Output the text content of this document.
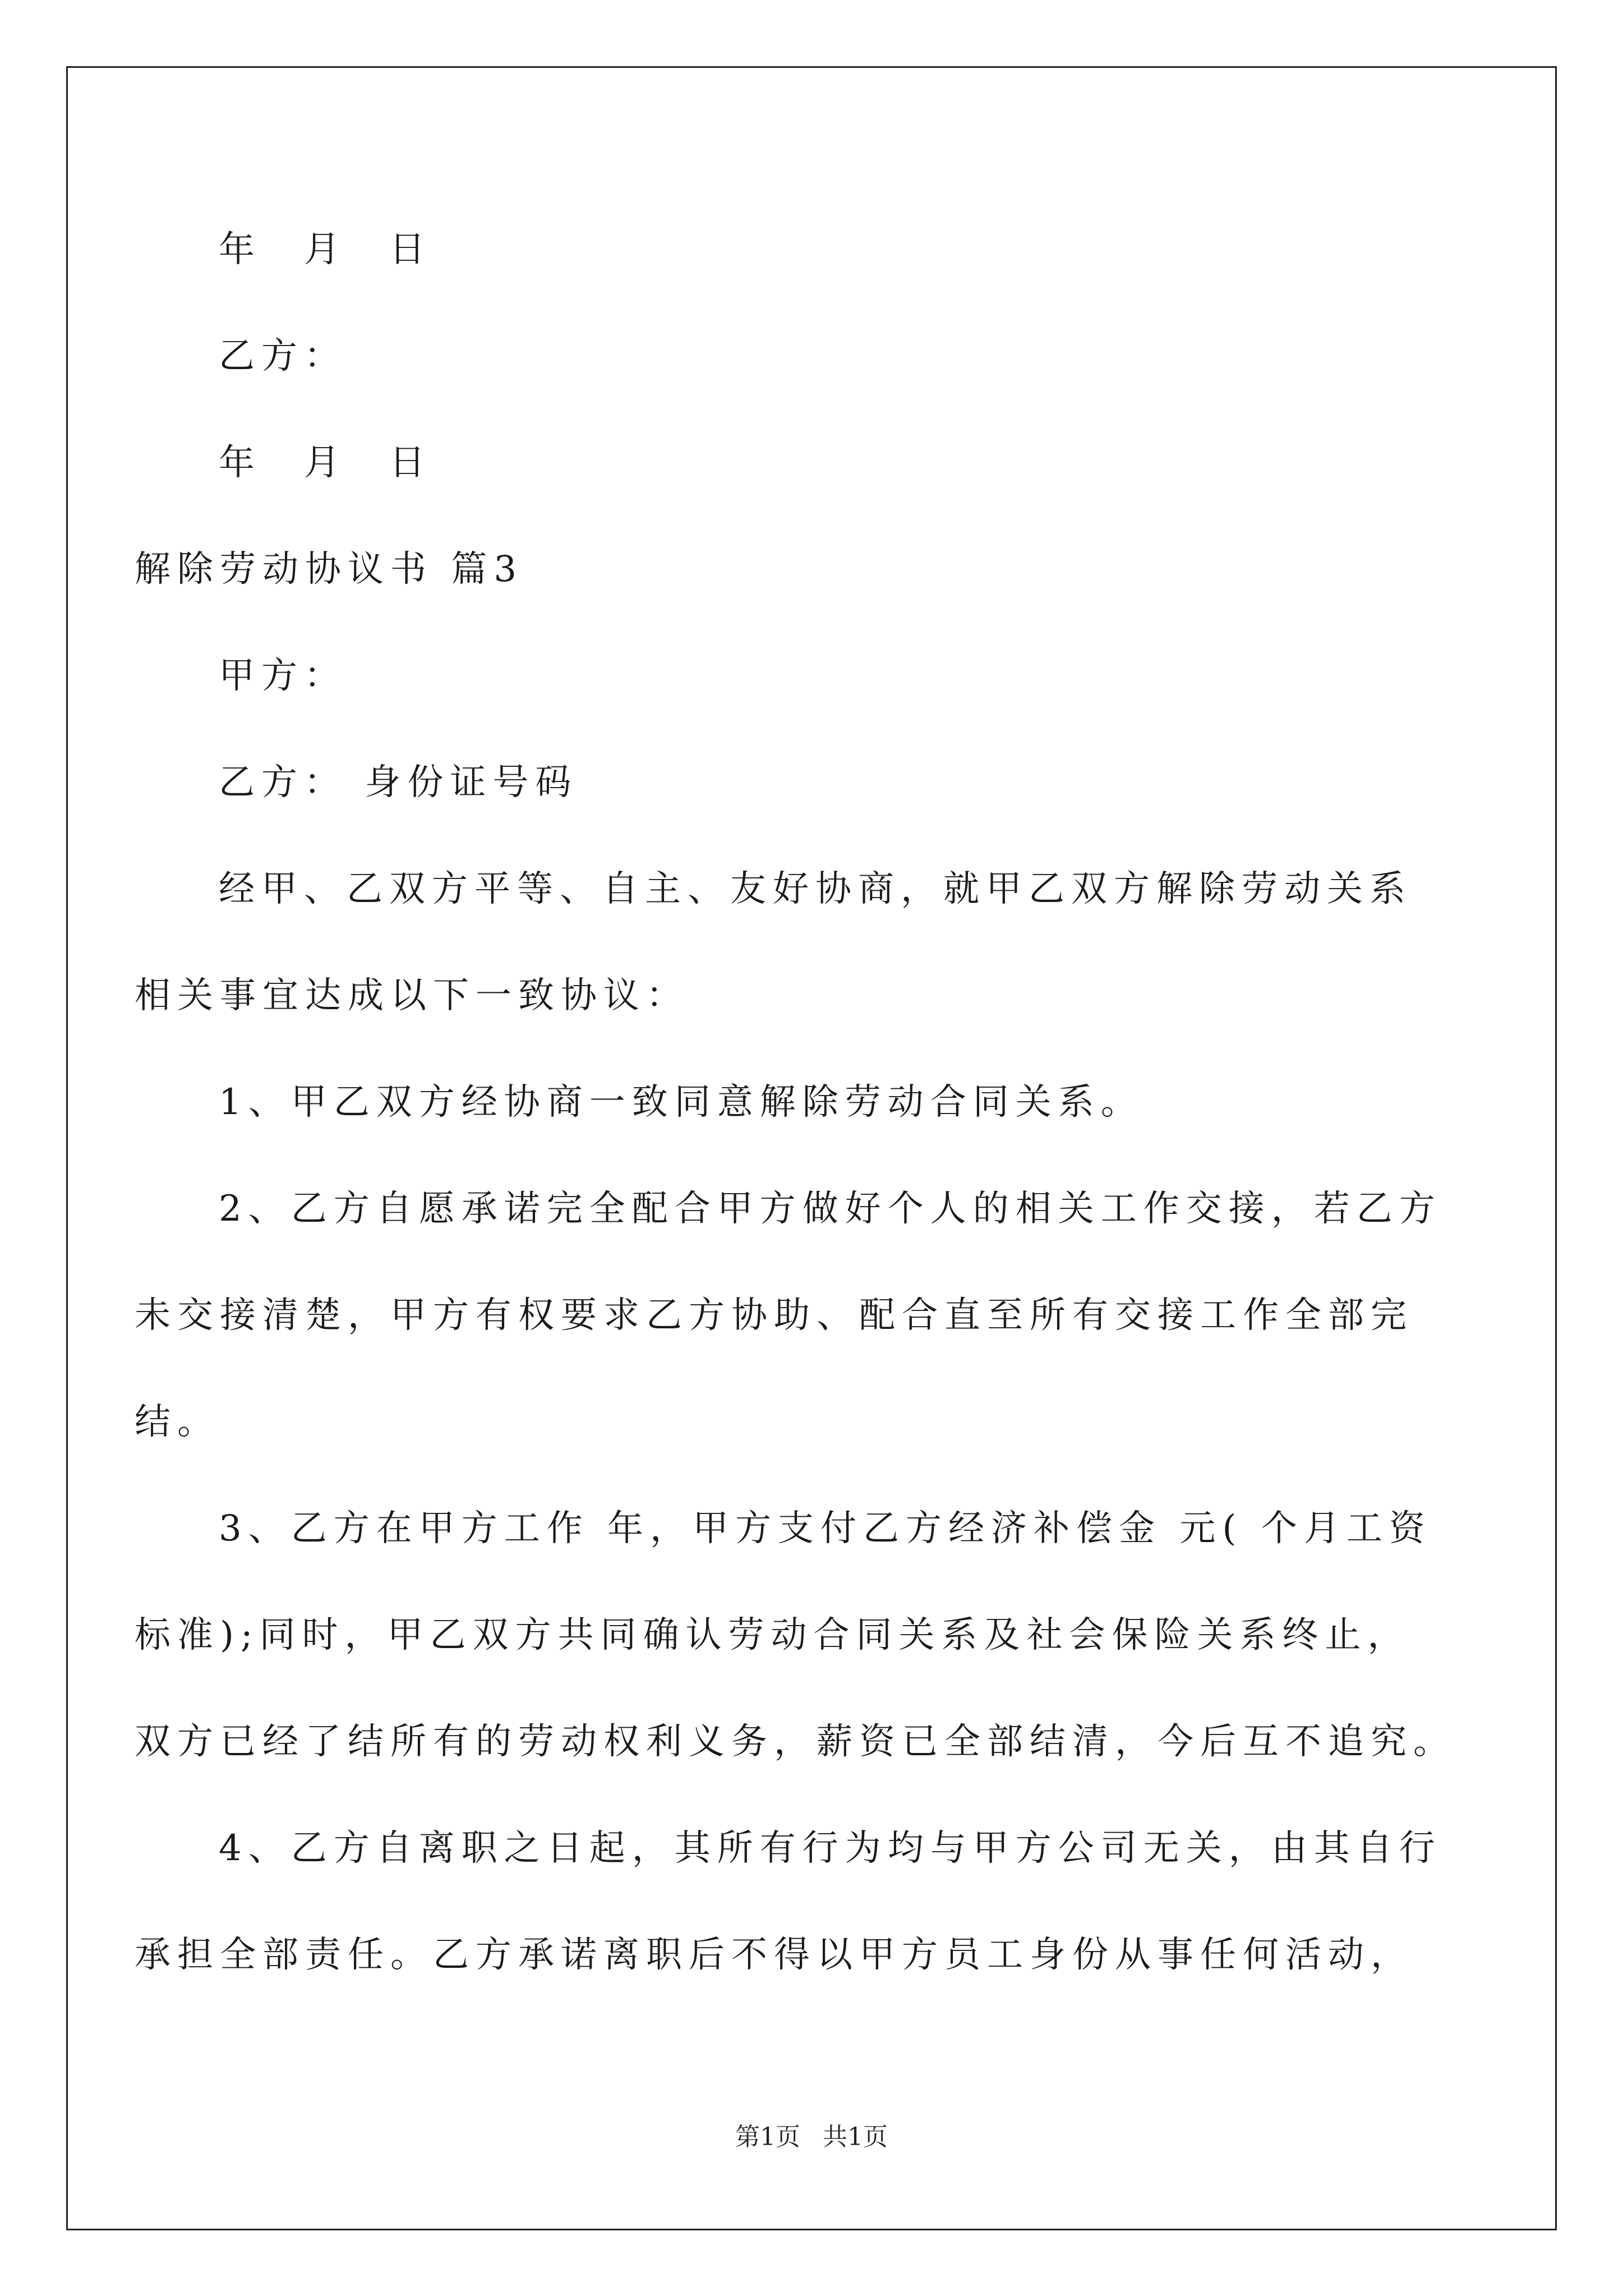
年　月　日
乙方：
年　月　日
解除劳动协议书 篇3
甲方：
乙方： 身份证号码
经甲、乙双方平等、自主、友好协商，就甲乙双方解除劳动关系
相关事宜达成以下一致协议：
1、甲乙双方经协商一致同意解除劳动合同关系。
2、乙方自愿承诺完全配合甲方做好个人的相关工作交接，若乙方
未交接清楚，甲方有权要求乙方协助、配合直至所有交接工作全部完
结。
3、乙方在甲方工作 年，甲方支付乙方经济补偿金 元( 个月工资
标准);同时，甲乙双方共同确认劳动合同关系及社会保险关系终止，
双方已经了结所有的劳动权利义务，薪资已全部结清，今后互不追究。
4、乙方自离职之日起，其所有行为均与甲方公司无关，由其自行
承担全部责任。乙方承诺离职后不得以甲方员工身份从事任何活动，
第1页 共1页
